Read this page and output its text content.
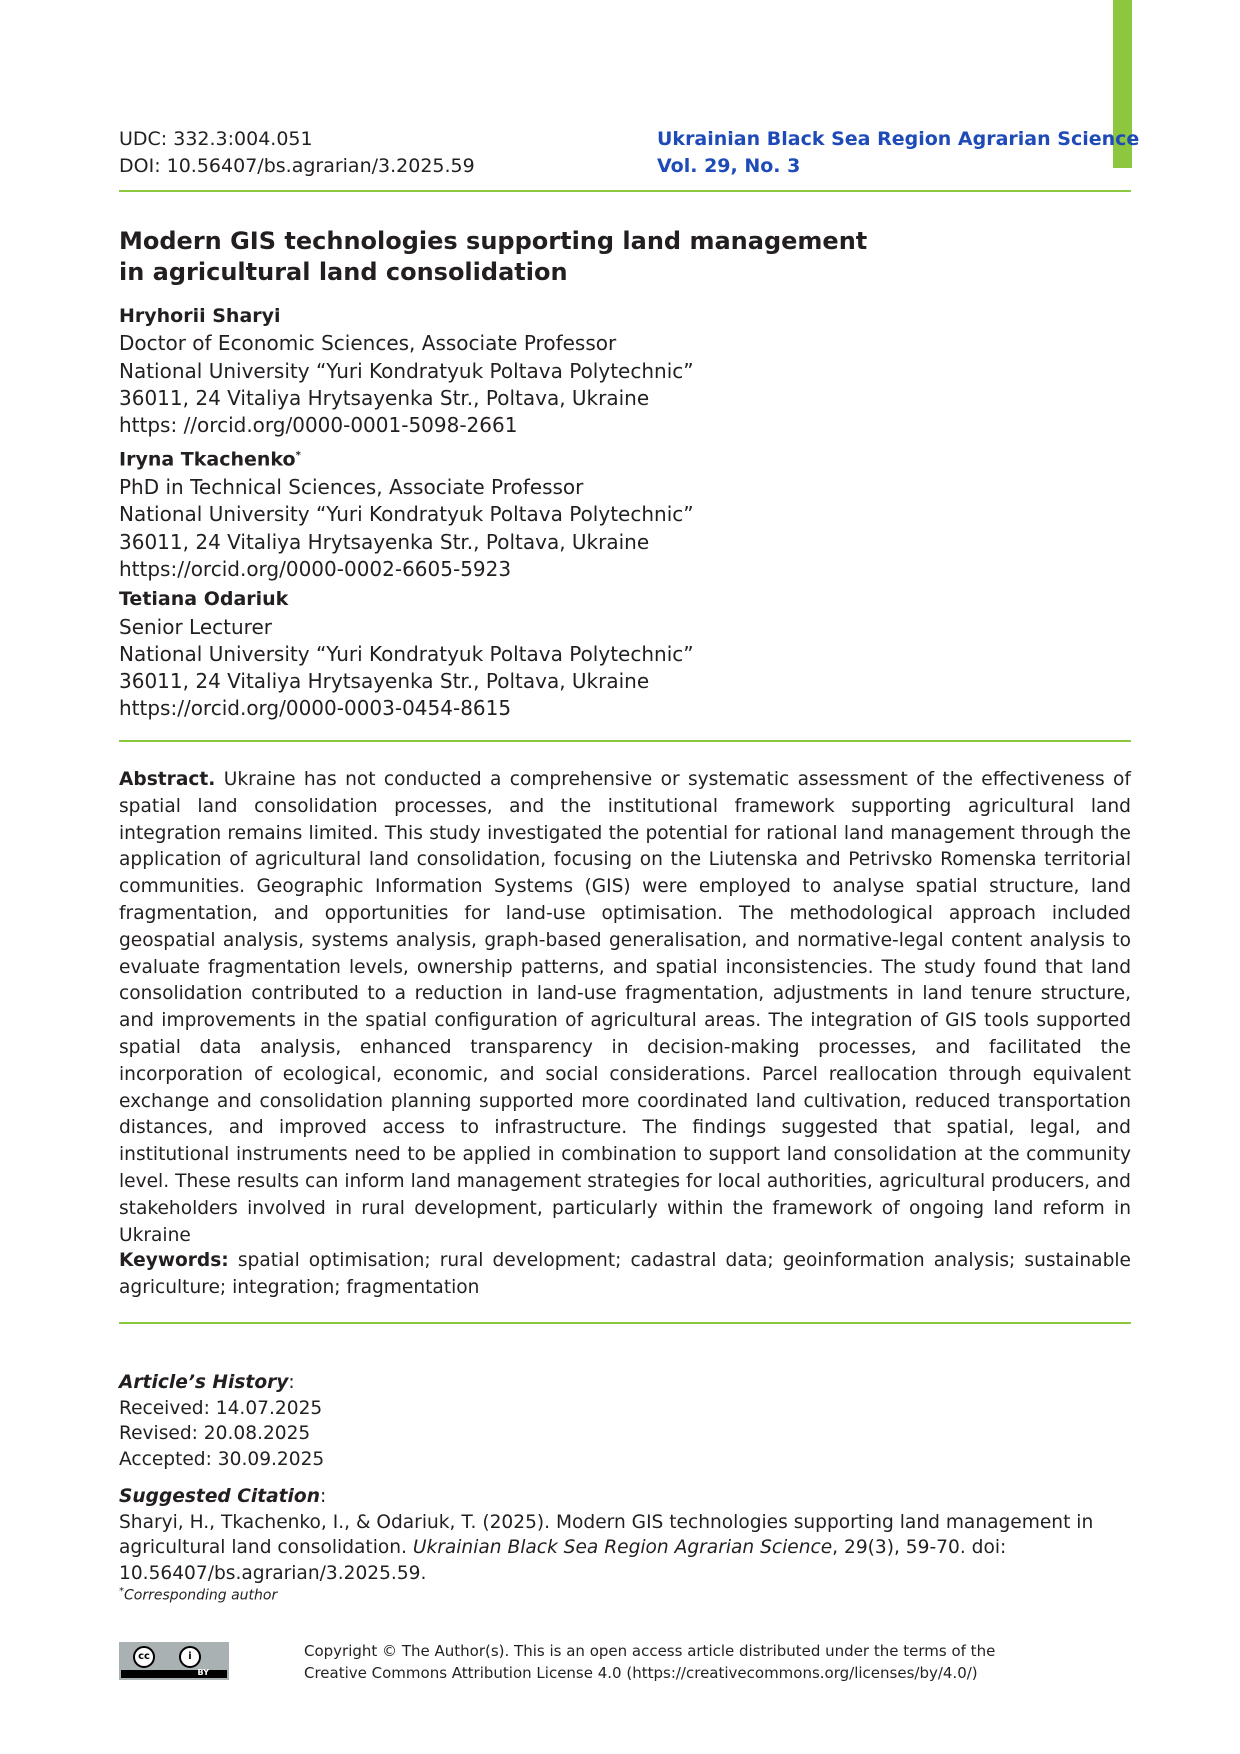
UDC: 332.3:004.051
DOI: 10.56407/bs.agrarian/3.2025.59
Ukrainian Black Sea Region Agrarian Science
Vol. 29, No. 3
Modern GIS technologies supporting land management
in agricultural land consolidation
Hryhorii Sharyi
Doctor of Economic Sciences, Associate Professor
National University “Yuri Kondratyuk Poltava Polytechnic”
36011, 24 Vitaliya Hrytsayenka Str., Poltava, Ukraine
https: //orcid.org/0000-0001-5098-2661
Iryna Tkachenko*
PhD in Technical Sciences, Associate Professor
National University “Yuri Kondratyuk Poltava Polytechnic”
36011, 24 Vitaliya Hrytsayenka Str., Poltava, Ukraine
https://orcid.org/0000-0002-6605-5923
Tetiana Odariuk
Senior Lecturer
National University “Yuri Kondratyuk Poltava Polytechnic”
36011, 24 Vitaliya Hrytsayenka Str., Poltava, Ukraine
https://orcid.org/0000-0003-0454-8615
Abstract. Ukraine has not conducted a comprehensive or systematic assessment of the effectiveness of spatial land consolidation processes, and the institutional framework supporting agricultural land integration remains limited. This study investigated the potential for rational land management through the application of agricultural land consolidation, focusing on the Liutenska and Petrivsko Romenska territorial communities. Geographic Information Systems (GIS) were employed to analyse spatial structure, land fragmentation, and opportunities for land-use optimisation. The methodological approach included geospatial analysis, systems analysis, graph-based generalisation, and normative-legal content analysis to evaluate fragmentation levels, ownership patterns, and spatial inconsistencies. The study found that land consolidation contributed to a reduction in land-use fragmentation, adjustments in land tenure structure, and improvements in the spatial configuration of agricultural areas. The integration of GIS tools supported spatial data analysis, enhanced transparency in decision-making processes, and facilitated the incorporation of ecological, economic, and social considerations. Parcel reallocation through equivalent exchange and consolidation planning supported more coordinated land cultivation, reduced transportation distances, and improved access to infrastructure. The findings suggested that spatial, legal, and institutional instruments need to be applied in combination to support land consolidation at the community level. These results can inform land management strategies for local authorities, agricultural producers, and stakeholders involved in rural development, particularly within the framework of ongoing land reform in Ukraine
Keywords: spatial optimisation; rural development; cadastral data; geoinformation analysis; sustainable agriculture; integration; fragmentation
Article’s History:
Received: 14.07.2025
Revised: 20.08.2025
Accepted: 30.09.2025
Suggested Citation:
Sharyi, H., Tkachenko, I., & Odariuk, T. (2025). Modern GIS technologies supporting land management in agricultural land consolidation. Ukrainian Black Sea Region Agrarian Science, 29(3), 59-70. doi: 10.56407/bs.agrarian/3.2025.59.
*Corresponding author
cc	i
BY
Copyright © The Author(s). This is an open access article distributed under the terms of the
Creative Commons Attribution License 4.0 (https://creativecommons.org/licenses/by/4.0/)
